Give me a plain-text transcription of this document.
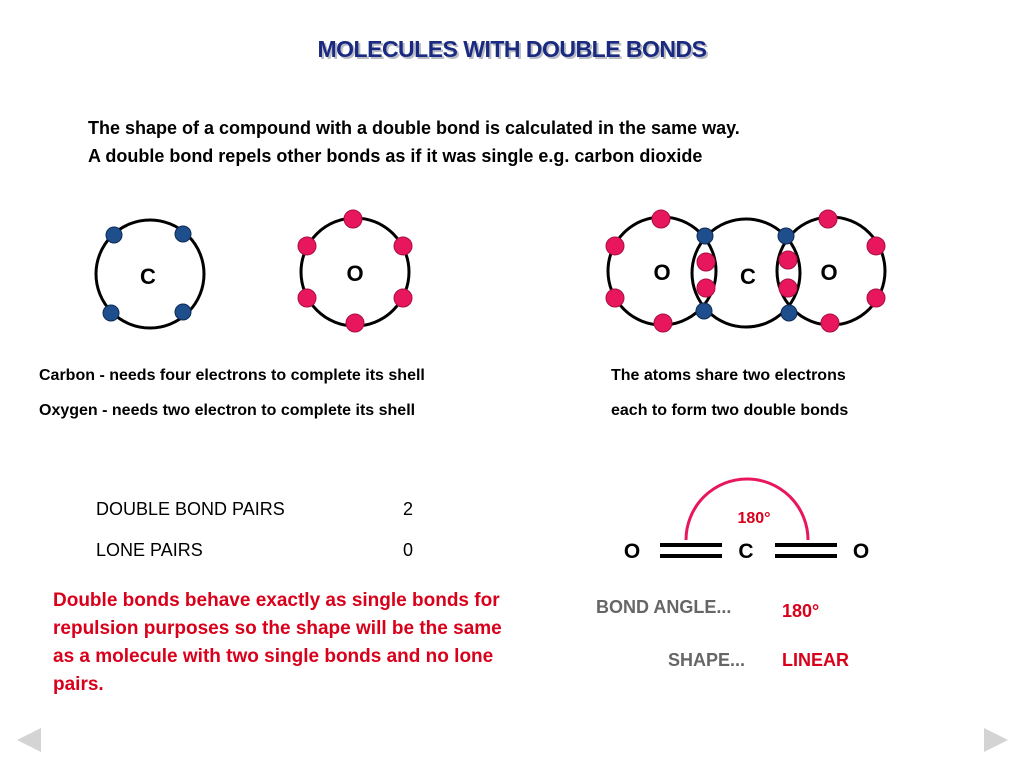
MOLECULES WITH DOUBLE BONDS
The shape of a compound with a double bond is calculated in the same way.
A double bond repels other bonds as if it was single e.g. carbon dioxide
C	O	O	C	O
180°
O	C	O
Carbon - needs four electrons to complete its shell
Oxygen - needs two electron to complete its shell
The atoms share two electrons
each to form two double bonds
DOUBLE BOND PAIRS	2
LONE PAIRS	0
Double bonds behave exactly as single bonds for repulsion purposes so the shape will be the same as a molecule with two single bonds and no lone pairs.
BOND ANGLE...	180°
SHAPE... LINEAR
